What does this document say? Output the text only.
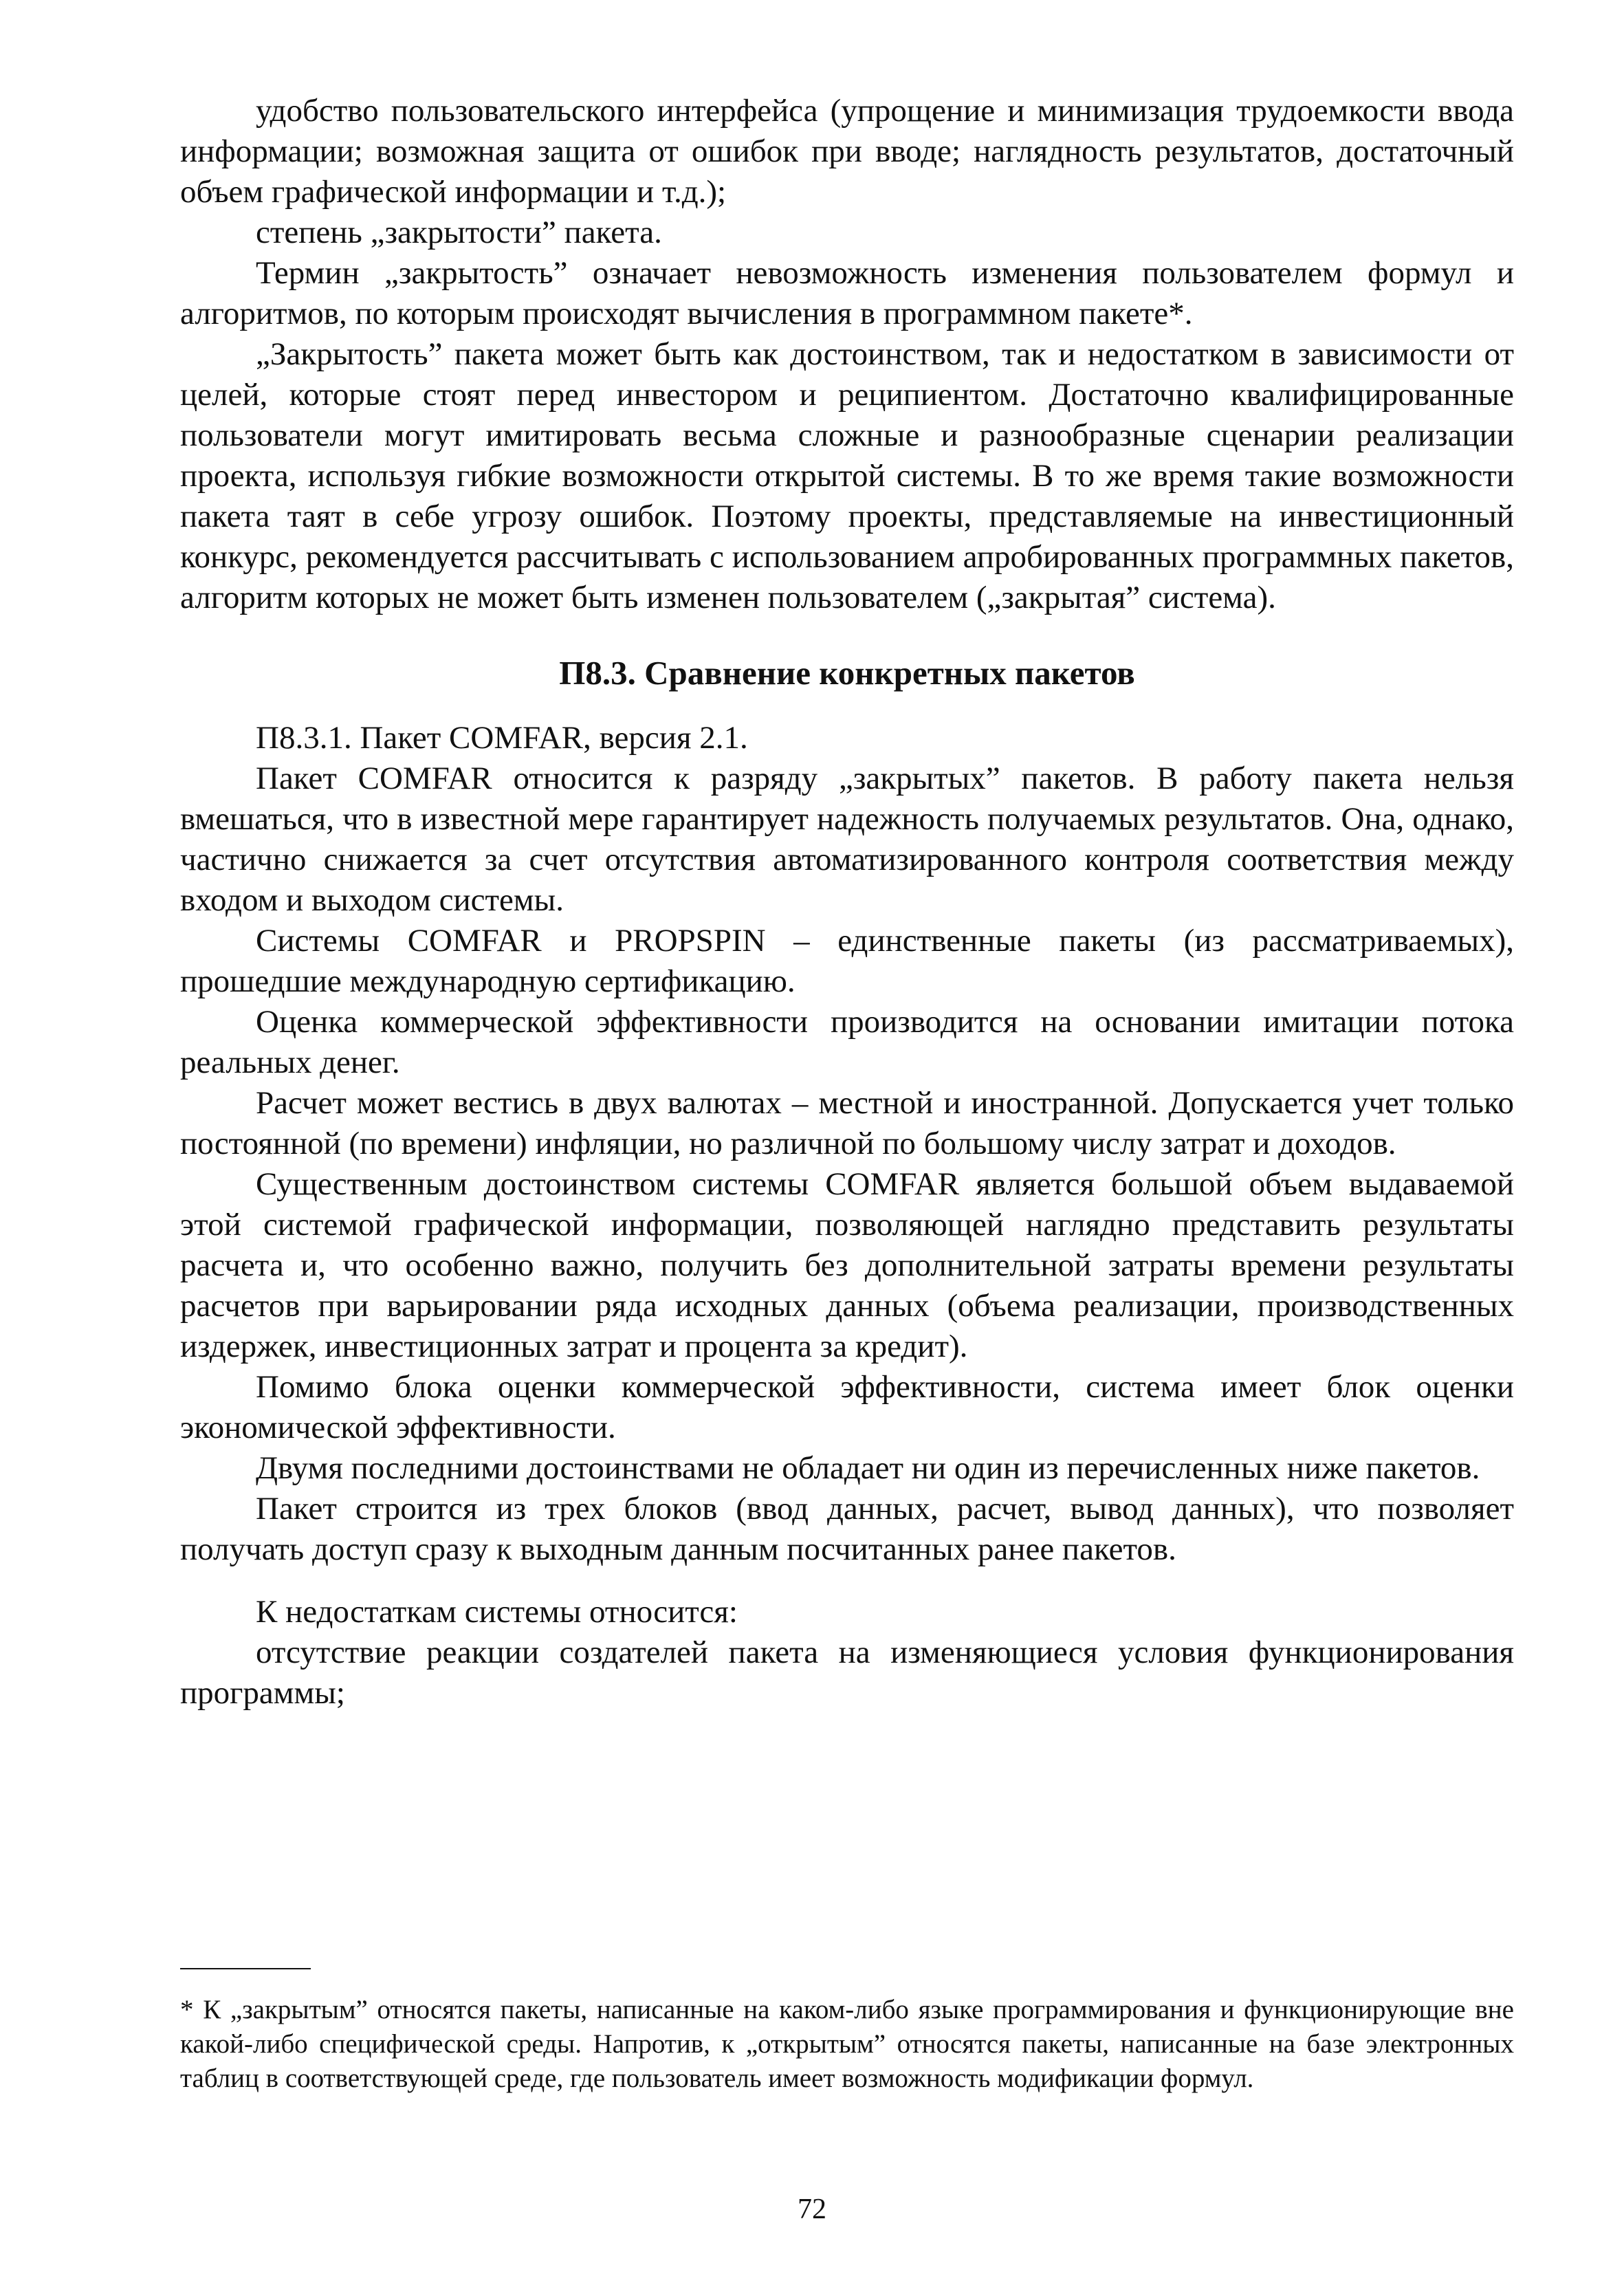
удобство пользовательского интерфейса (упрощение и минимизация трудоемкости ввода информации; возможная защита от ошибок при вводе; наглядность результатов, достаточный объем графической информации и т.д.);

степень „закрытости” пакета.

Термин „закрытость” означает невозможность изменения пользователем формул и алгоритмов, по которым происходят вычисления в программном пакете*.

„Закрытость” пакета может быть как достоинством, так и недостатком в зависимости от целей, которые стоят перед инвестором и реципиентом. Достаточно квалифицированные пользователи могут имитировать весьма сложные и разнообразные сценарии реализации проекта, используя гибкие возможности открытой системы. В то же время такие возможности пакета таят в себе угрозу ошибок. Поэтому проекты, представляемые на инвестиционный конкурс, рекомендуется рассчитывать с использованием апробированных программных пакетов, алгоритм которых не может быть изменен пользователем („закрытая” система).

П8.3. Сравнение конкретных пакетов

П8.3.1. Пакет COMFAR, версия 2.1.

Пакет COMFAR относится к разряду „закрытых” пакетов. В работу пакета нельзя вмешаться, что в известной мере гарантирует надежность получаемых результатов. Она, однако, частично снижается за счет отсутствия автоматизированного контроля соответствия между входом и выходом системы.

Системы COMFAR и PROPSPIN – единственные пакеты (из рассматриваемых), прошедшие международную сертификацию.

Оценка коммерческой эффективности производится на основании имитации потока реальных денег.

Расчет может вестись в двух валютах – местной и иностранной. Допускается учет только постоянной (по времени) инфляции, но различной по большому числу затрат и доходов.

Существенным достоинством системы COMFAR является большой объем выдаваемой этой системой графической информации, позволяющей наглядно представить результаты расчета и, что особенно важно, получить без дополнительной затраты времени результаты расчетов при варьировании ряда исходных данных (объема реализации, производственных издержек, инвестиционных затрат и процента за кредит).

Помимо блока оценки коммерческой эффективности, система имеет блок оценки экономической эффективности.

Двумя последними достоинствами не обладает ни один из перечисленных ниже пакетов.

Пакет строится из трех блоков (ввод данных, расчет, вывод данных), что позволяет получать доступ сразу к выходным данным посчитанных ранее пакетов.

К недостаткам системы относится:

отсутствие реакции создателей пакета на изменяющиеся условия функционирования программы;

* К „закрытым” относятся пакеты, написанные на каком-либо языке программирования и функционирующие вне какой-либо специфической среды. Напротив, к „открытым” относятся пакеты, написанные на базе электронных таблиц в соответствующей среде, где пользователь имеет возможность модификации формул.

72
